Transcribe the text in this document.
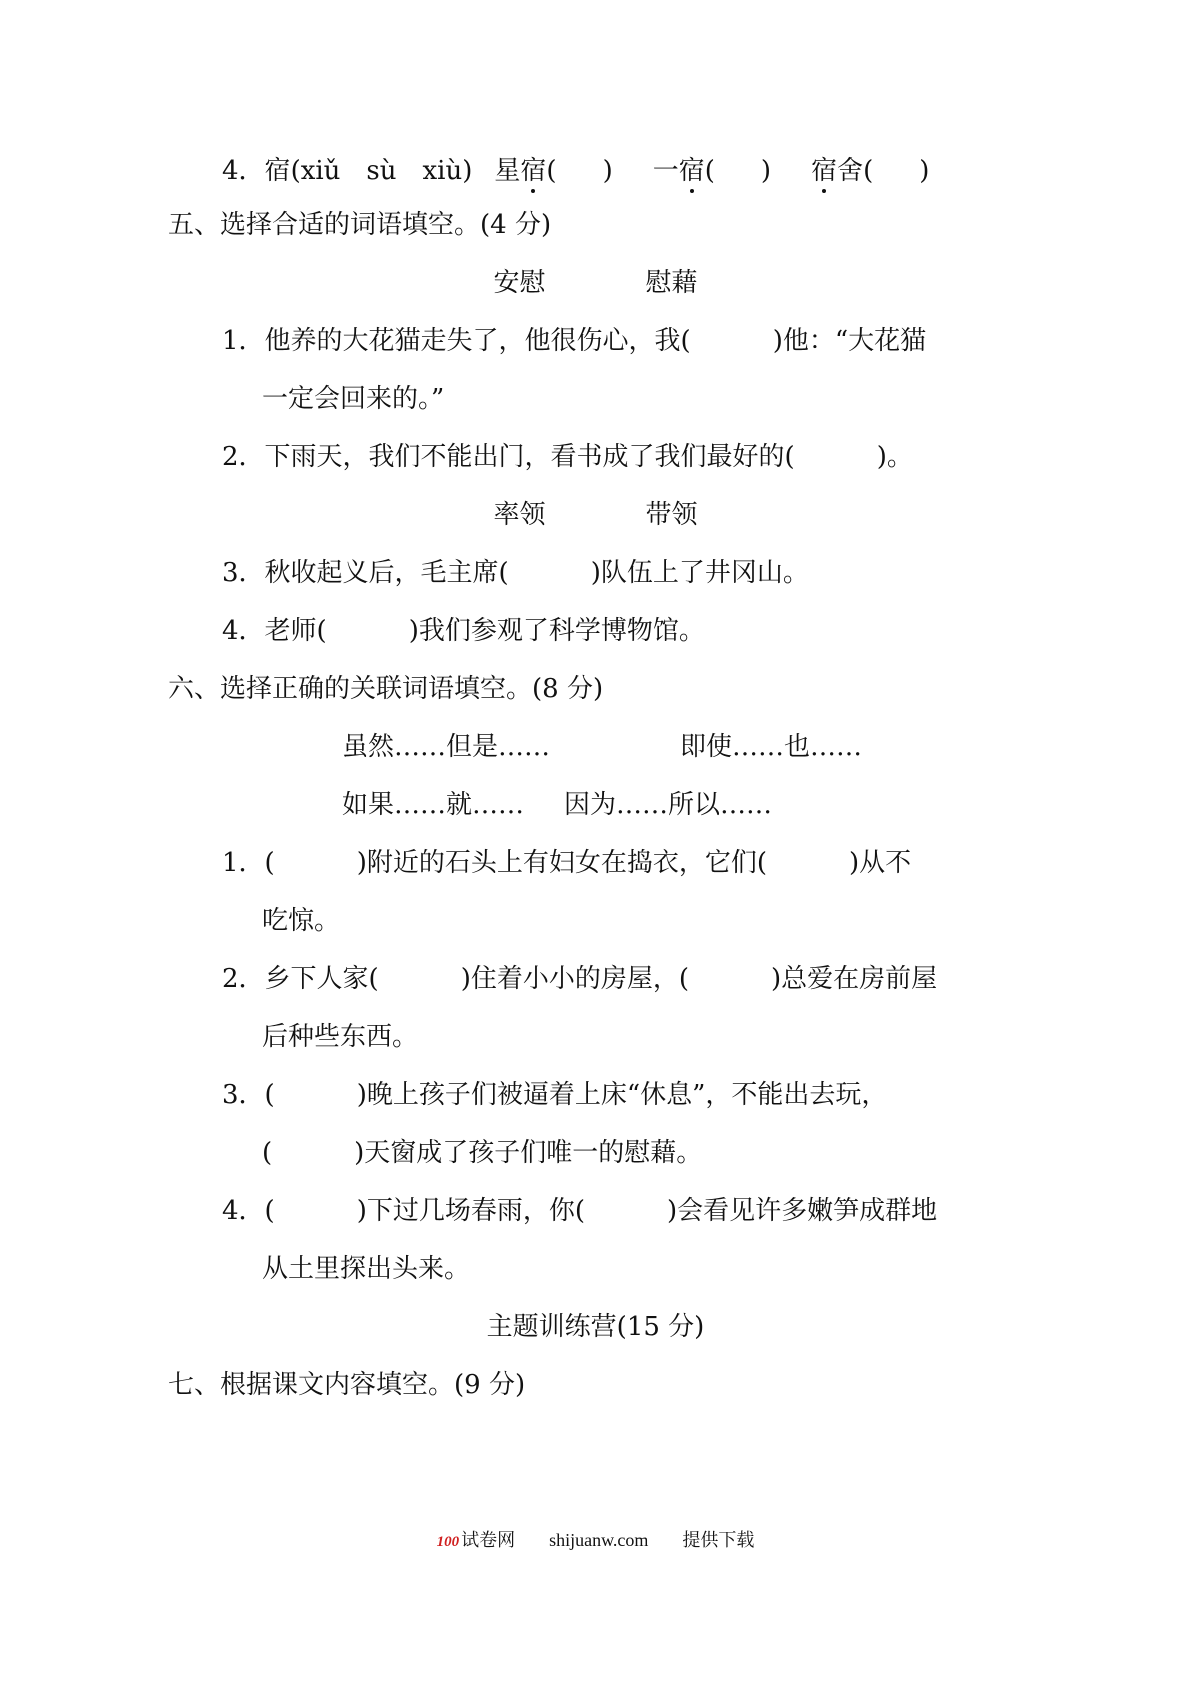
4．宿(xiǔ　sù　xiù) 星宿( ) 一宿( ) 宿舍( )
五、选择合适的词语填空。(4 分)
安慰	慰藉
1．他养的大花猫走失了，他很伤心，我(	)他：“大花猫
一定会回来的。”
2．下雨天，我们不能出门，看书成了我们最好的(	)。
率领	带领
3．秋收起义后，毛主席(	)队伍上了井冈山。
4．老师(	)我们参观了科学博物馆。
六、选择正确的关联词语填空。(8 分)
虽然……但是……	即使……也……
如果……就…… 因为……所以……
1．(	)附近的石头上有妇女在捣衣，它们(	)从不
吃惊。
2．乡下人家(	)住着小小的房屋，(	)总爱在房前屋
后种些东西。
3．(	)晚上孩子们被逼着上床“休息”，不能出去玩，
(	)天窗成了孩子们唯一的慰藉。
4．(	)下过几场春雨，你(	)会看见许多嫩笋成群地
从土里探出头来。
主题训练营(15 分)
七、根据课文内容填空。(9 分)
100 试卷网 shijuanw.com 提供下载
